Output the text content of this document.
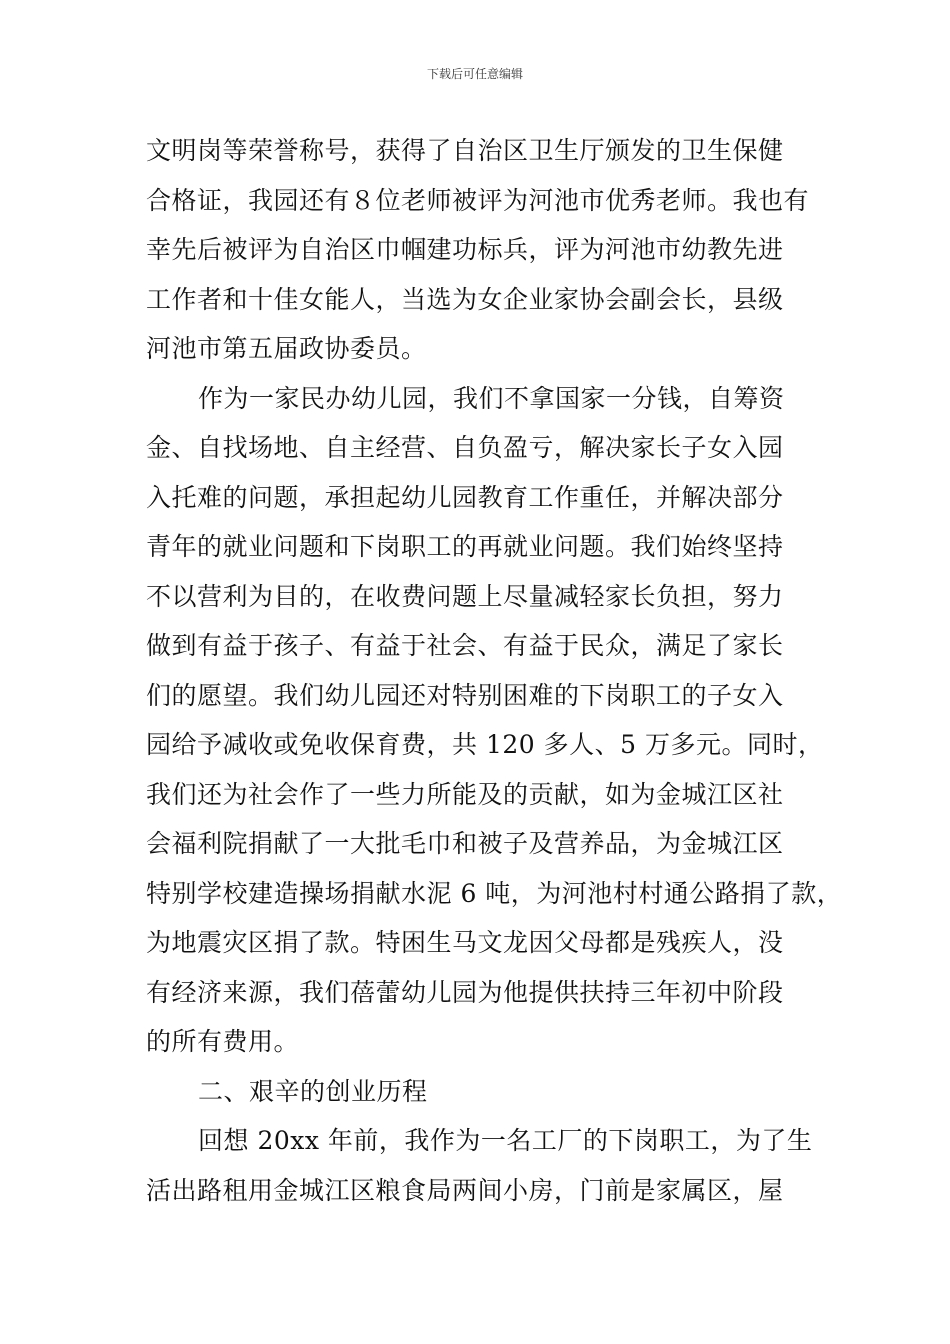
下载后可任意编辑
文明岗等荣誉称号，获得了自治区卫生厅颁发的卫生保健
合格证，我园还有８位老师被评为河池市优秀老师。我也有
幸先后被评为自治区巾帼建功标兵，评为河池市幼教先进
工作者和十佳女能人，当选为女企业家协会副会长，县级
河池市第五届政协委员。
作为一家民办幼儿园，我们不拿国家一分钱，自筹资
金、自找场地、自主经营、自负盈亏，解决家长子女入园
入托难的问题，承担起幼儿园教育工作重任，并解决部分
青年的就业问题和下岗职工的再就业问题。我们始终坚持
不以营利为目的，在收费问题上尽量减轻家长负担，努力
做到有益于孩子、有益于社会、有益于民众，满足了家长
们的愿望。我们幼儿园还对特别困难的下岗职工的子女入
园给予减收或免收保育费，共 120 多人、5 万多元。同时，
我们还为社会作了一些力所能及的贡献，如为金城江区社
会福利院捐献了一大批毛巾和被子及营养品，为金城江区
特别学校建造操场捐献水泥 6 吨，为河池村村通公路捐了款，
为地震灾区捐了款。特困生马文龙因父母都是残疾人，没
有经济来源，我们蓓蕾幼儿园为他提供扶持三年初中阶段
的所有费用。
二、艰辛的创业历程
回想 20xx 年前，我作为一名工厂的下岗职工，为了生
活出路租用金城江区粮食局两间小房，门前是家属区，屋
